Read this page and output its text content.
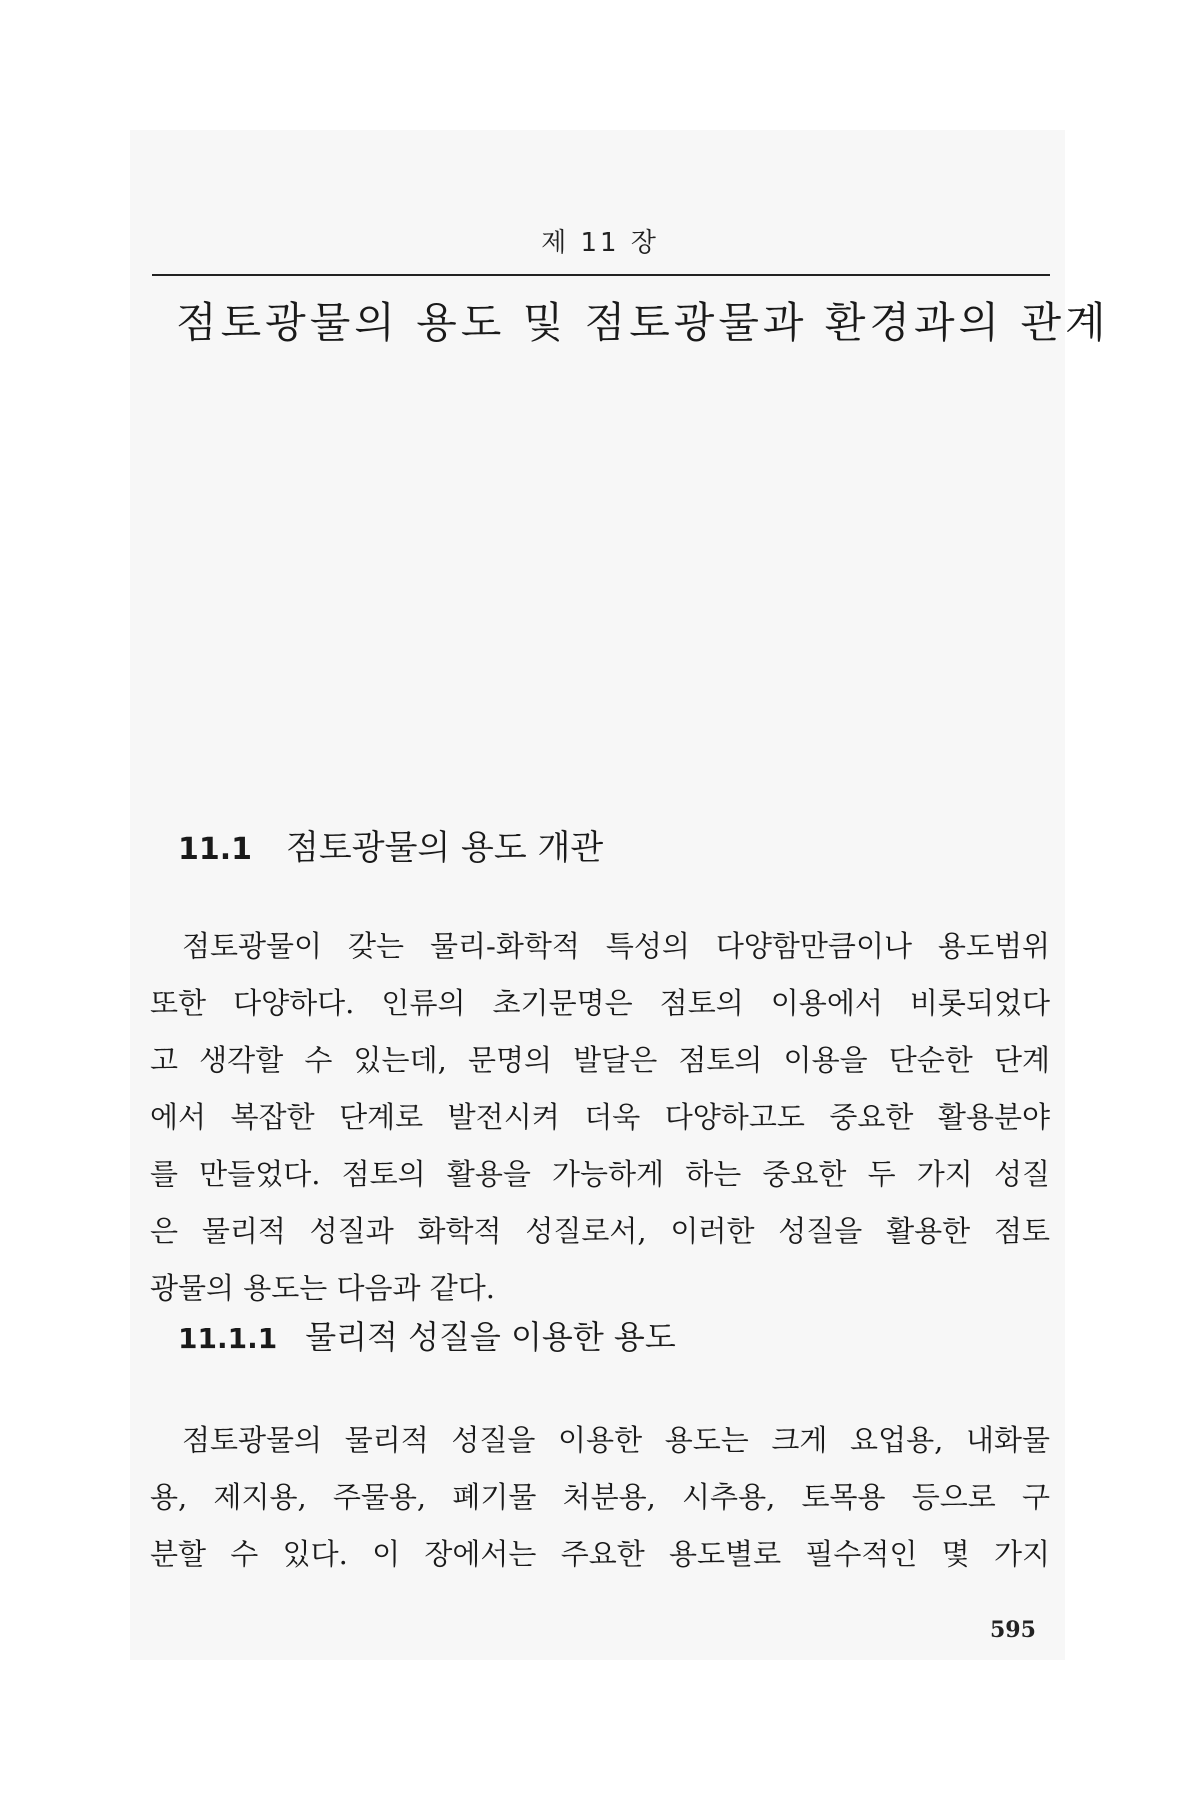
제 11 장
점토광물의 용도 및 점토광물과 환경과의 관계
11.1 점토광물의 용도 개관
점토광물이 갖는 물리-화학적 특성의 다양함만큼이나 용도범위
또한 다양하다. 인류의 초기문명은 점토의 이용에서 비롯되었다
고 생각할 수 있는데, 문명의 발달은 점토의 이용을 단순한 단계
에서 복잡한 단계로 발전시켜 더욱 다양하고도 중요한 활용분야
를 만들었다. 점토의 활용을 가능하게 하는 중요한 두 가지 성질
은 물리적 성질과 화학적 성질로서, 이러한 성질을 활용한 점토
광물의 용도는 다음과 같다.
11.1.1 물리적 성질을 이용한 용도
점토광물의 물리적 성질을 이용한 용도는 크게 요업용, 내화물
용, 제지용, 주물용, 폐기물 처분용, 시추용, 토목용 등으로 구
분할 수 있다. 이 장에서는 주요한 용도별로 필수적인 몇 가지
595
